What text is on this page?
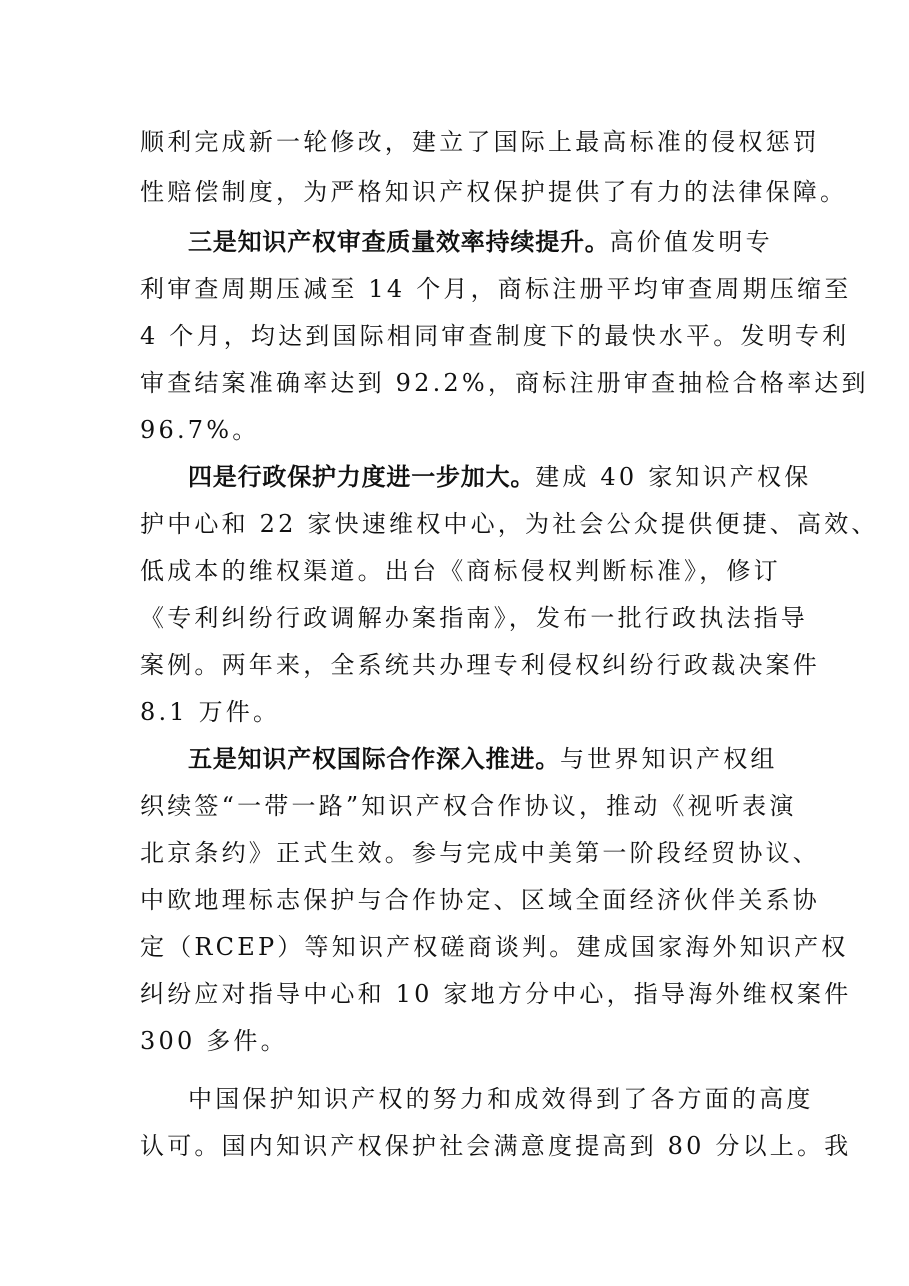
顺利完成新一轮修改，建立了国际上最高标准的侵权惩罚
性赔偿制度，为严格知识产权保护提供了有力的法律保障。
三是知识产权审查质量效率持续提升。高价值发明专
利审查周期压减至 14 个月，商标注册平均审查周期压缩至
4 个月，均达到国际相同审查制度下的最快水平。发明专利
审查结案准确率达到 92.2%，商标注册审查抽检合格率达到
96.7%。
四是行政保护力度进一步加大。建成 40 家知识产权保
护中心和 22 家快速维权中心，为社会公众提供便捷、高效、
低成本的维权渠道。出台《商标侵权判断标准》，修订
《专利纠纷行政调解办案指南》，发布一批行政执法指导
案例。两年来，全系统共办理专利侵权纠纷行政裁决案件
8.1 万件。
五是知识产权国际合作深入推进。与世界知识产权组
织续签“一带一路”知识产权合作协议，推动《视听表演
北京条约》正式生效。参与完成中美第一阶段经贸协议、
中欧地理标志保护与合作协定、区域全面经济伙伴关系协
定（RCEP）等知识产权磋商谈判。建成国家海外知识产权
纠纷应对指导中心和 10 家地方分中心，指导海外维权案件
300 多件。
中国保护知识产权的努力和成效得到了各方面的高度
认可。国内知识产权保护社会满意度提高到 80 分以上。我
